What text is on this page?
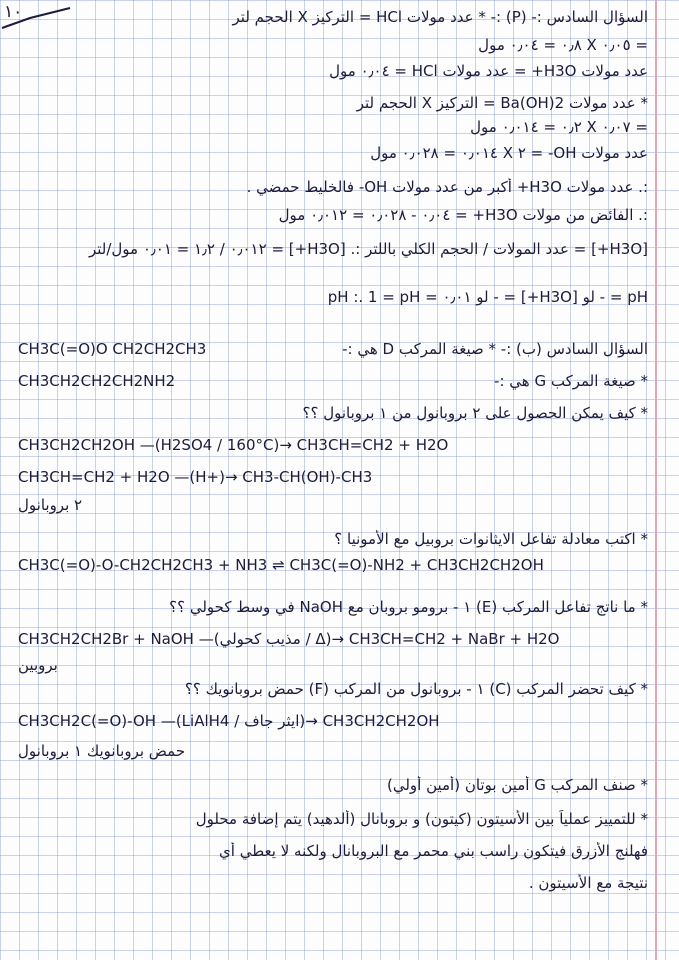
١٠	السؤال السادس :- (P) :- * عدد مولات HCl = التركيز X الحجم لتر
= ٠٫٠٥ X ٠٫٨ = ٠٫٠٤ مول
عدد مولات H3O+ = عدد مولات HCl = ٠٫٠٤ مول
* عدد مولات Ba(OH)2 = التركيز X الحجم لتر
= ٠٫٠٧ X ٠٫٢ = ٠٫٠١٤ مول
عدد مولات OH- = ٢ X ٠٫٠١٤ = ٠٫٠٢٨ مول
:. عدد مولات H3O+ أكبر من عدد مولات OH- فالخليط حمضي .
:. الفائض من مولات H3O+ = ٠٫٠٤ - ٠٫٠٢٨ = ٠٫٠١٢ مول
[H3O+] = عدد المولات / الحجم الكلي باللتر :. [H3O+] = ٠٫٠١٢ / ١٫٢ = ٠٫٠١ مول/لتر
pH = - لو [H3O+] = - لو ٠٫٠١ = pH :. 1 = pH
CH3C(=O)O CH2CH2CH3	السؤال السادس (ب) :- * صيغة المركب D هي :-
CH3CH2CH2CH2NH2	* صيغة المركب G هي :-
* كيف يمكن الحصول على ٢ بروبانول من ١ بروبانول ؟؟
CH3CH2CH2OH —(H2SO4 / 160°C)→ CH3CH=CH2 + H2O
CH3CH=CH2 + H2O —(H+)→ CH3-CH(OH)-CH3
٢ بروبانول
* اكتب معادلة تفاعل الايثانوات بروبيل مع الأمونيا ؟
CH3C(=O)-O-CH2CH2CH3 + NH3 ⇌ CH3C(=O)-NH2 + CH3CH2CH2OH
* ما ناتج تفاعل المركب (E) ١ - برومو بروبان مع NaOH في وسط كحولي ؟؟
CH3CH2CH2Br + NaOH —(مذيب كحولي / Δ)→ CH3CH=CH2 + NaBr + H2O
بروبين
* كيف تحضر المركب (C) ١ - بروبانول من المركب (F) حمض بروبانويك ؟؟
CH3CH2C(=O)-OH —(LiAlH4 / ايثر جاف)→ CH3CH2CH2OH
حمض بروبانويك ١ بروبانول
* صنف المركب G أمين بوتان (أمين أولي)
* للتمييز عملياً بين الأسيتون (كيتون) و بروبانال (ألدهيد) يتم إضافة محلول
فهلنج الأزرق فيتكون راسب بني محمر مع البروبانال ولكنه لا يعطي أي
نتيجة مع الأسيتون .
